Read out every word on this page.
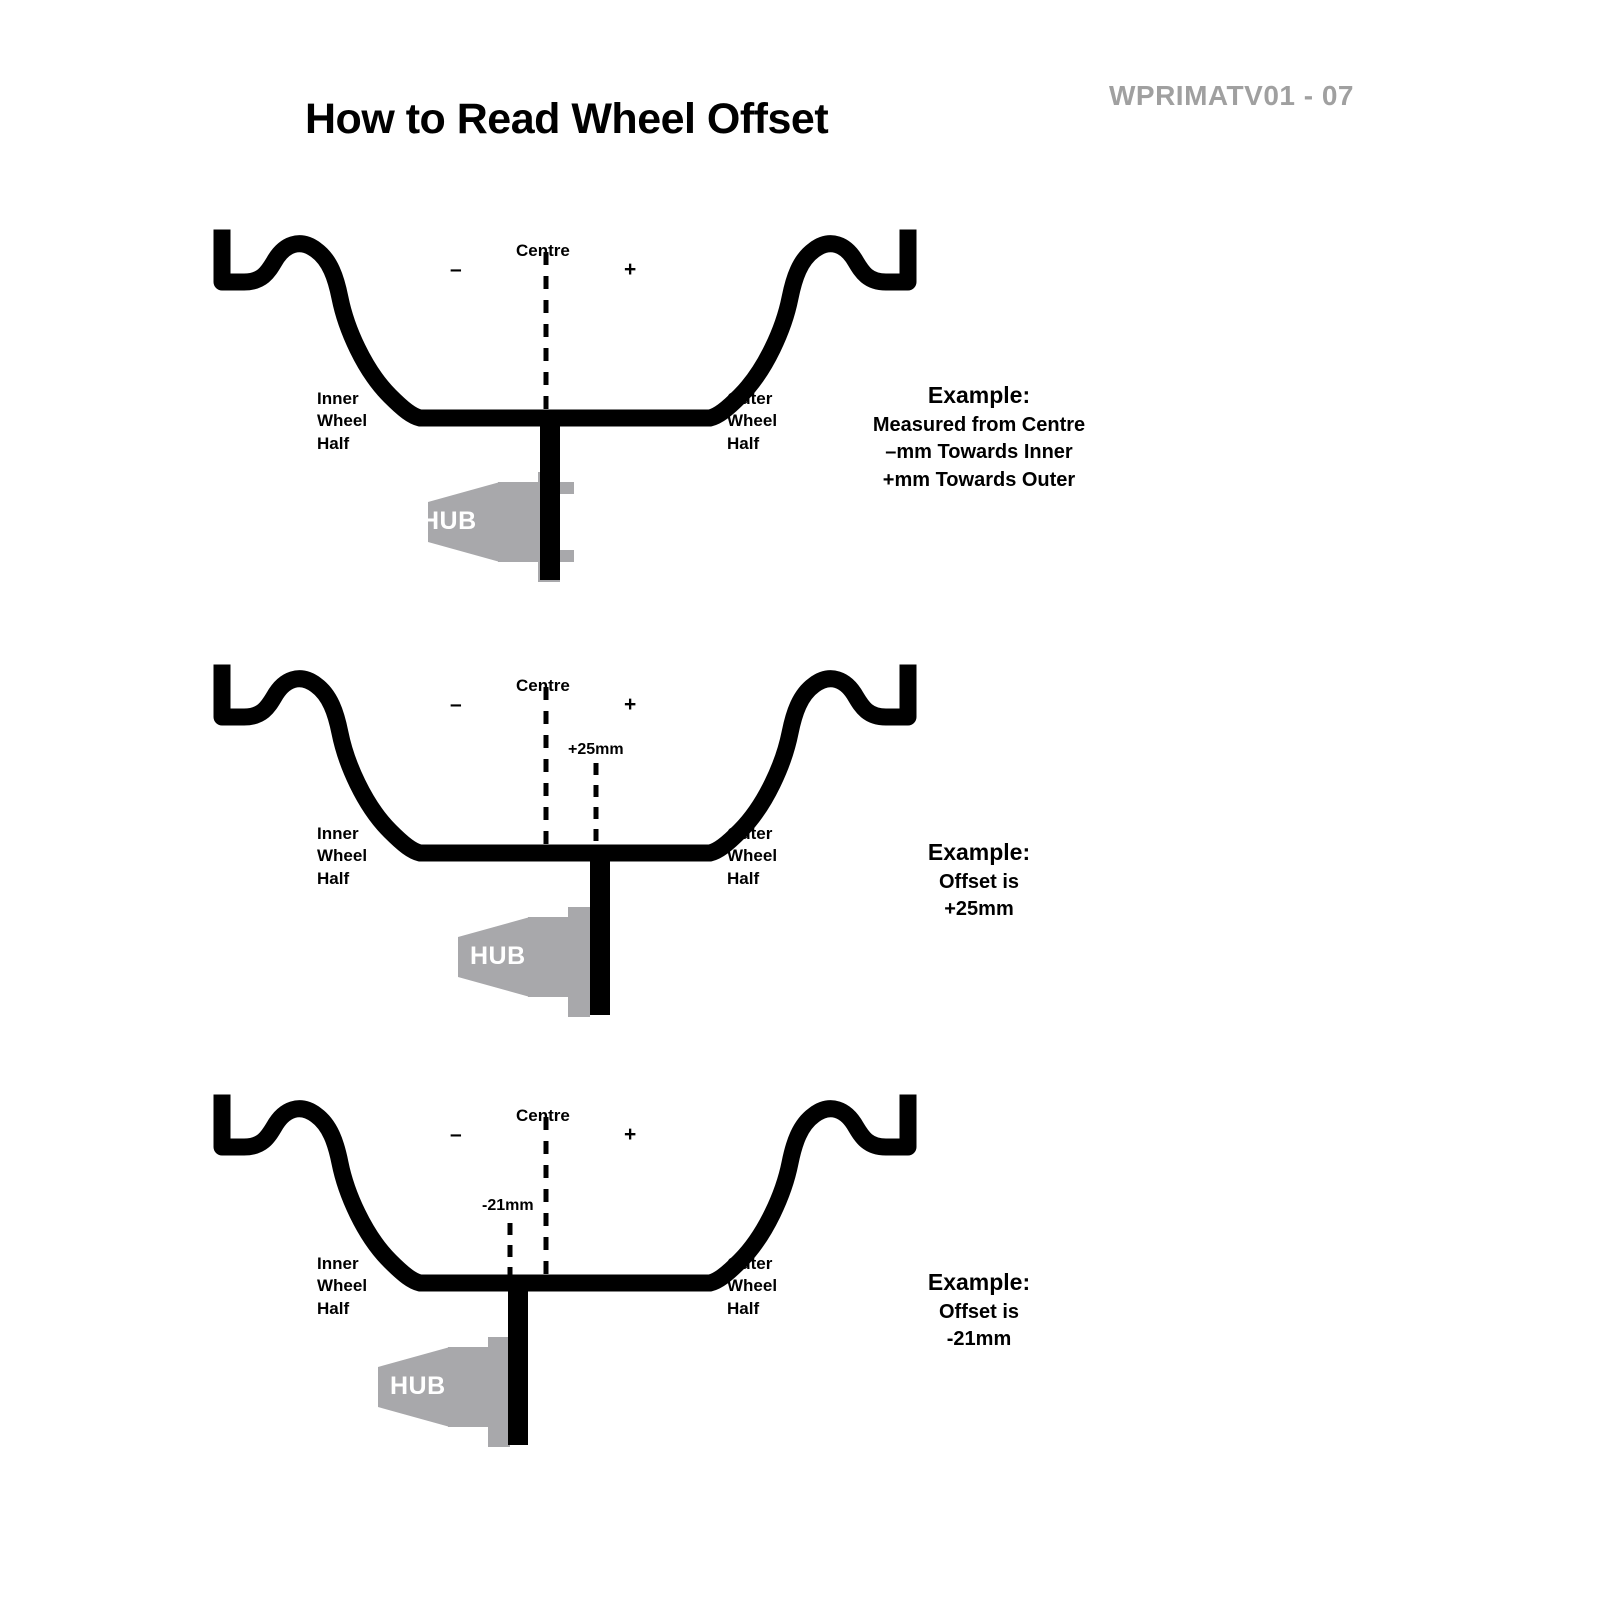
How to Read Wheel Offset	WPRIMATV01 - 07
Centre
–	+
Inner
Wheel
Half
Outer
Wheel
Half
HUB
Example:
Measured from Centre
–mm Towards Inner
+mm Towards Outer
Centre
–	+
+25mm
Inner
Wheel
Half
Outer
Wheel
Half
HUB
Example:
Offset is
+25mm
Centre
–	+
-21mm
Inner
Wheel
Half
Outer
Wheel
Half
HUB
Example:
Offset is
-21mm
